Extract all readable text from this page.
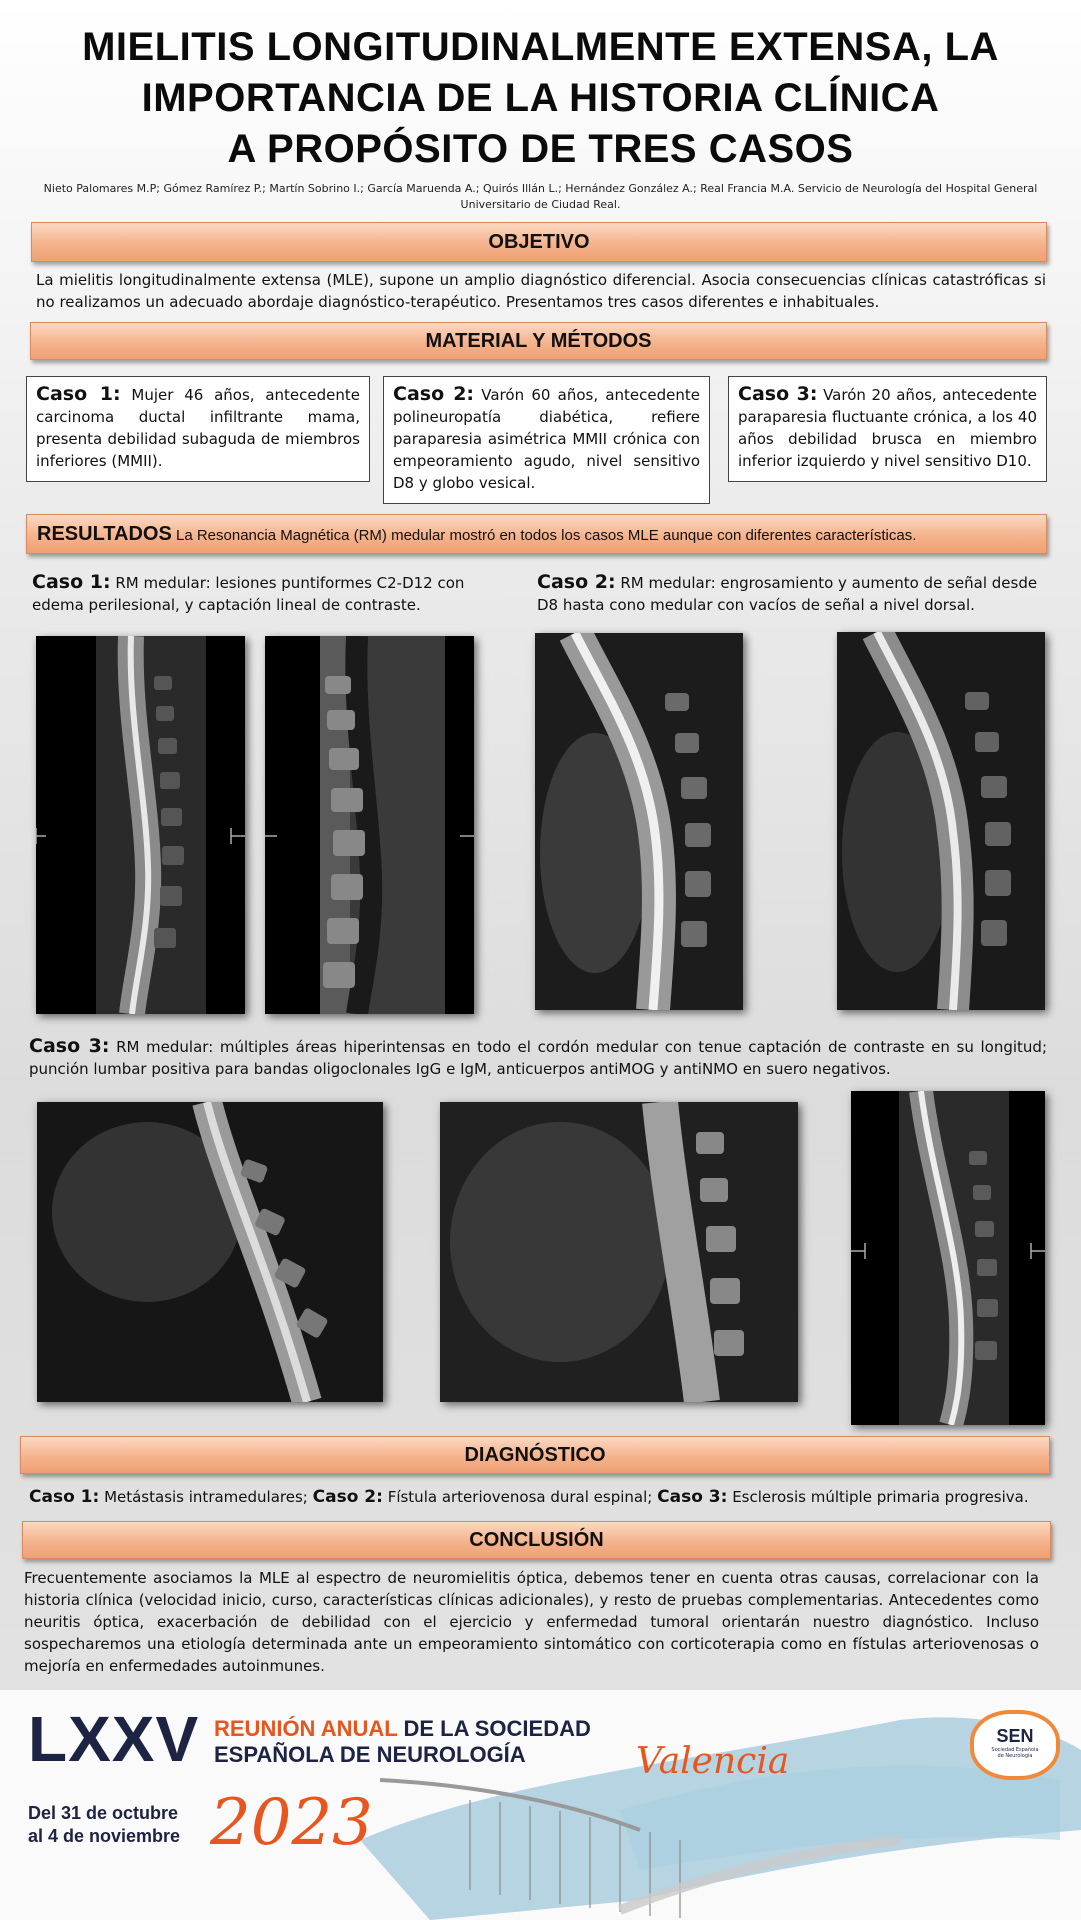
MIELITIS LONGITUDINALMENTE EXTENSA, LA
IMPORTANCIA DE LA HISTORIA CLÍNICA
A PROPÓSITO DE TRES CASOS
Nieto Palomares M.P; Gómez Ramírez P.; Martín Sobrino I.; García Maruenda A.; Quirós Illán L.; Hernández González A.; Real Francia M.A. Servicio de Neurología del Hospital General Universitario de Ciudad Real.
OBJETIVO
La mielitis longitudinalmente extensa (MLE), supone un amplio diagnóstico diferencial. Asocia consecuencias clínicas catastróficas si no realizamos un adecuado abordaje diagnóstico-terapéutico. Presentamos tres casos diferentes e inhabituales.
MATERIAL Y MÉTODOS
Caso 1: Mujer 46 años, antecedente carcinoma ductal infiltrante mama, presenta debilidad subaguda de miembros inferiores (MMII).
Caso 2: Varón 60 años, antecedente polineuropatía diabética, refiere paraparesia asimétrica MMII crónica con empeoramiento agudo, nivel sensitivo D8 y globo vesical.
Caso 3: Varón 20 años, antecedente paraparesia fluctuante crónica, a los 40 años debilidad brusca en miembro inferior izquierdo y nivel sensitivo D10.
RESULTADOS La Resonancia Magnética (RM) medular mostró en todos los casos MLE aunque con diferentes características.
Caso 1: RM medular: lesiones puntiformes C2-D12 con edema perilesional, y captación lineal de contraste.
Caso 2: RM medular: engrosamiento y aumento de señal desde D8 hasta cono medular con vacíos de señal a nivel dorsal.
Caso 3: RM medular: múltiples áreas hiperintensas en todo el cordón medular con tenue captación de contraste en su longitud; punción lumbar positiva para bandas oligoclonales IgG e IgM, anticuerpos antiMOG y antiNMO en suero negativos.
DIAGNÓSTICO
Caso 1: Metástasis intramedulares; Caso 2: Fístula arteriovenosa dural espinal; Caso 3: Esclerosis múltiple primaria progresiva.
CONCLUSIÓN
Frecuentemente asociamos la MLE al espectro de neuromielitis óptica, debemos tener en cuenta otras causas, correlacionar con la historia clínica (velocidad inicio, curso, características clínicas adicionales), y resto de pruebas complementarias. Antecedentes como neuritis óptica, exacerbación de debilidad con el ejercicio y enfermedad tumoral orientarán nuestro diagnóstico. Incluso sospecharemos una etiología determinada ante un empeoramiento sintomático con corticoterapia como en fístulas arteriovenosas o mejoría en enfermedades autoinmunes.
LXXV REUNIÓN ANUAL DE LA SOCIEDAD
ESPAÑOLA DE NEUROLOGÍA
Del 31 de octubre
al 4 de noviembre 2023
Valencia
SEN
Sociedad Española de Neurología
